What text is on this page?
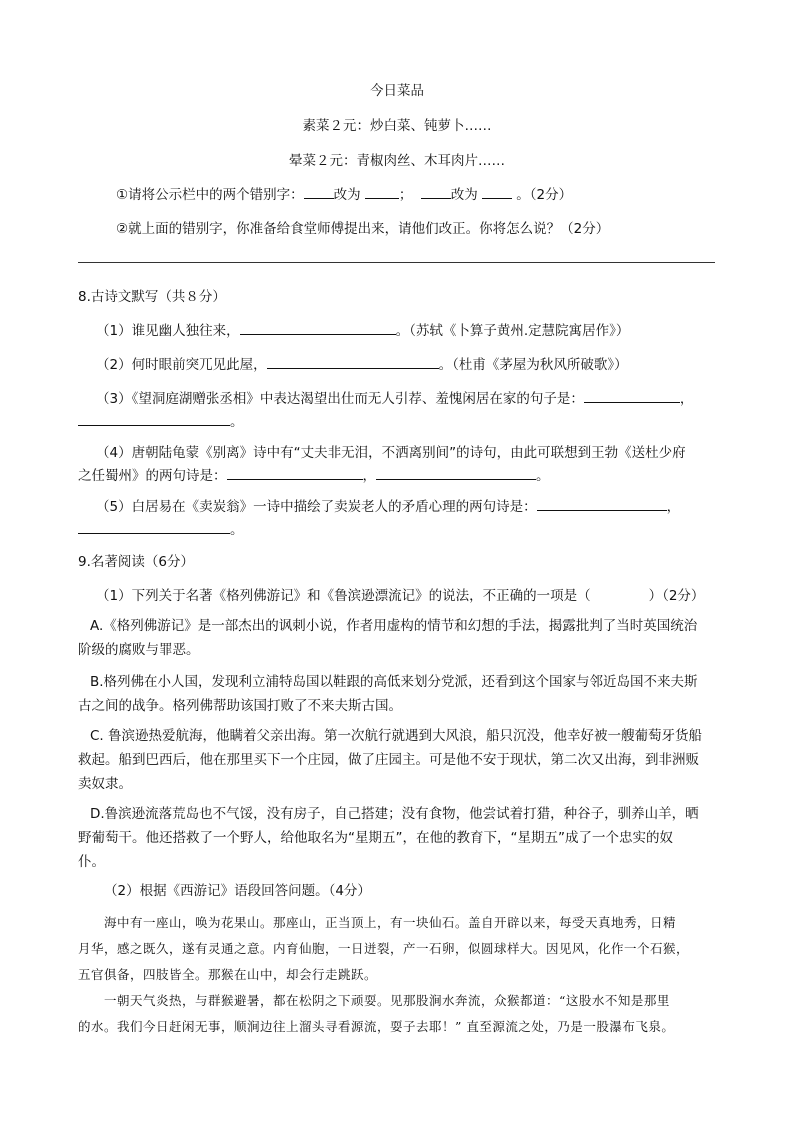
今日菜品
素菜２元：炒白菜、钝萝卜……
晕菜２元：青椒肉丝、木耳肉片……
①请将公示栏中的两个错别字： 改为	；	改为	。（2分）
②就上面的错别字，你准备给食堂师傅提出来，请他们改正。你将怎么说？（2分）
8.古诗文默写（共８分）
（1）谁见幽人独往来，	。（苏轼《卜算子黄州.定慧院寓居作》）
（2）何时眼前突兀见此屋，	。（杜甫《茅屋为秋风所破歌》）
（3）《望洞庭湖赠张丞相》中表达渴望出仕而无人引荐、羞愧闲居在家的句子是：	，
。
（4）唐朝陆龟蒙《别离》诗中有“丈夫非无泪，不洒离别间”的诗句，由此可联想到王勃《送杜少府
之任蜀州》的两句诗是：	，	。
（5）白居易在《卖炭翁》一诗中描绘了卖炭老人的矛盾心理的两句诗是：	，
。
9.名著阅读（6分）
（1）下列关于名著《格列佛游记》和《鲁滨逊漂流记》的说法，不正确的一项是（	）（2分）
A.《格列佛游记》是一部杰出的讽刺小说，作者用虚构的情节和幻想的手法，揭露批判了当时英国统治
阶级的腐败与罪恶。
B.格列佛在小人国，发现利立浦特岛国以鞋跟的高低来划分党派，还看到这个国家与邻近岛国不来夫斯
古之间的战争。格列佛帮助该国打败了不来夫斯古国。
C. 鲁滨逊热爱航海，他瞒着父亲出海。第一次航行就遇到大风浪，船只沉没，他幸好被一艘葡萄牙货船
救起。船到巴西后，他在那里买下一个庄园，做了庄园主。可是他不安于现状，第二次又出海，到非洲贩
卖奴隶。
D.鲁滨逊流落荒岛也不气馁，没有房子，自己搭建；没有食物，他尝试着打猎，种谷子，驯养山羊，晒
野葡萄干。他还搭救了一个野人，给他取名为“星期五”，在他的教育下，“星期五”成了一个忠实的奴
仆。
（2）根据《西游记》语段回答问题。（4分）
海中有一座山，唤为花果山。那座山，正当顶上，有一块仙石。盖自开辟以来，每受天真地秀，日精
月华，感之既久，遂有灵通之意。内育仙胞，一日迸裂，产一石卵，似圆球样大。因见风，化作一个石猴，
五官俱备，四肢皆全。那猴在山中，却会行走跳跃。
一朝天气炎热，与群猴避暑，都在松阴之下顽耍。见那股涧水奔流，众猴都道：“这股水不知是那里
的水。我们今日赶闲无事，顺涧边往上溜头寻看源流，耍子去耶！” 直至源流之处，乃是一股瀑布飞泉。
